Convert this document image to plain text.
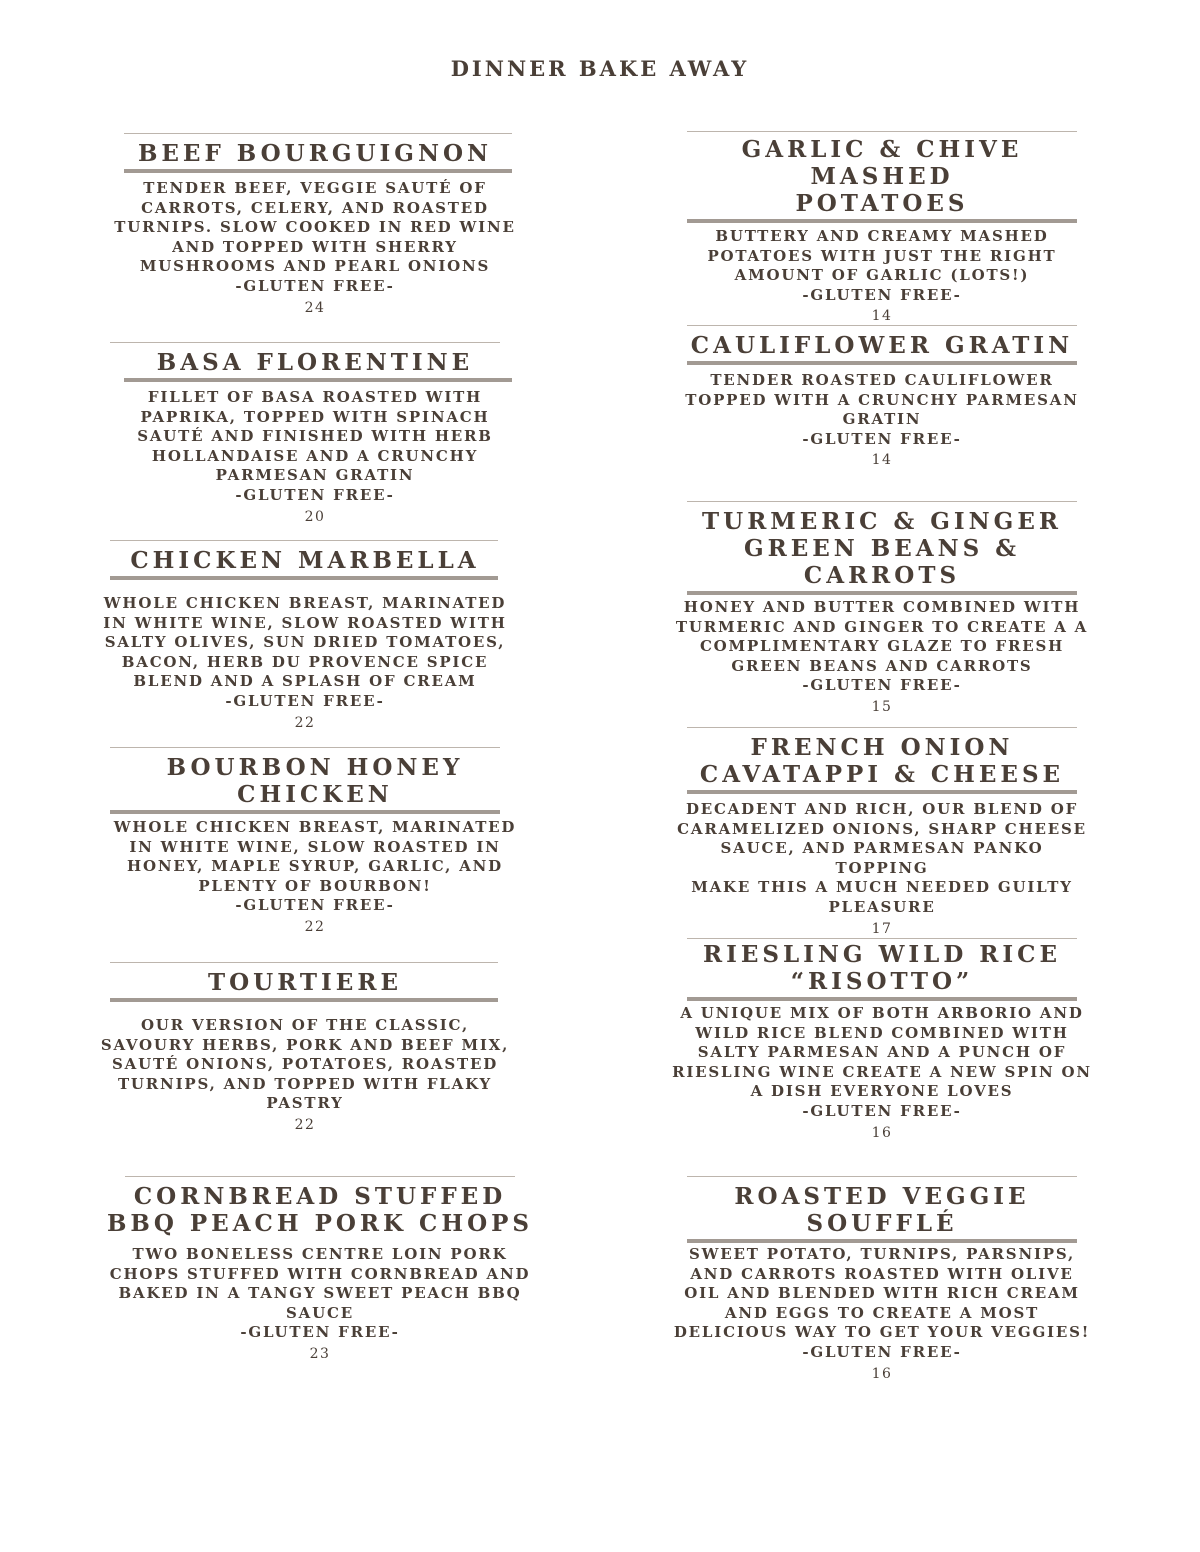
DINNER BAKE AWAY
BEEF BOURGUIGNON
TENDER BEEF, VEGGIE SAUTÉ OF
CARROTS, CELERY, AND ROASTED
TURNIPS. SLOW COOKED IN RED WINE
AND TOPPED WITH SHERRY
MUSHROOMS AND PEARL ONIONS
-GLUTEN FREE-
24
BASA FLORENTINE
FILLET OF BASA ROASTED WITH
PAPRIKA, TOPPED WITH SPINACH
SAUTÉ AND FINISHED WITH HERB
HOLLANDAISE AND A CRUNCHY
PARMESAN GRATIN
-GLUTEN FREE-
20
CHICKEN MARBELLA
WHOLE CHICKEN BREAST, MARINATED
IN WHITE WINE, SLOW ROASTED WITH
SALTY OLIVES, SUN DRIED TOMATOES,
BACON, HERB DU PROVENCE SPICE
BLEND AND A SPLASH OF CREAM
-GLUTEN FREE-
22
BOURBON HONEY
CHICKEN
WHOLE CHICKEN BREAST, MARINATED
IN WHITE WINE, SLOW ROASTED IN
HONEY, MAPLE SYRUP, GARLIC, AND
PLENTY OF BOURBON!
-GLUTEN FREE-
22
TOURTIERE
OUR VERSION OF THE CLASSIC,
SAVOURY HERBS, PORK AND BEEF MIX,
SAUTÉ ONIONS, POTATOES, ROASTED
TURNIPS, AND TOPPED WITH FLAKY
PASTRY
22
CORNBREAD STUFFED
BBQ PEACH PORK CHOPS
TWO BONELESS CENTRE LOIN PORK
CHOPS STUFFED WITH CORNBREAD AND
BAKED IN A TANGY SWEET PEACH BBQ
SAUCE
-GLUTEN FREE-
23
GARLIC & CHIVE MASHED
POTATOES
BUTTERY AND CREAMY MASHED
POTATOES WITH JUST THE RIGHT
AMOUNT OF GARLIC (LOTS!)
-GLUTEN FREE-
14
CAULIFLOWER GRATIN
TENDER ROASTED CAULIFLOWER
TOPPED WITH A CRUNCHY PARMESAN
GRATIN
-GLUTEN FREE-
14
TURMERIC & GINGER
GREEN BEANS & CARROTS
HONEY AND BUTTER COMBINED WITH
TURMERIC AND GINGER TO CREATE A A
COMPLIMENTARY GLAZE TO FRESH
GREEN BEANS AND CARROTS
-GLUTEN FREE-
15
FRENCH ONION
CAVATAPPI & CHEESE
DECADENT AND RICH, OUR BLEND OF
CARAMELIZED ONIONS, SHARP CHEESE
SAUCE, AND PARMESAN PANKO TOPPING
MAKE THIS A MUCH NEEDED GUILTY
PLEASURE
17
RIESLING WILD RICE
“RISOTTO”
A UNIQUE MIX OF BOTH ARBORIO AND
WILD RICE BLEND COMBINED WITH
SALTY PARMESAN AND A PUNCH OF
RIESLING WINE CREATE A NEW SPIN ON
A DISH EVERYONE LOVES
-GLUTEN FREE-
16
ROASTED VEGGIE
SOUFFLÉ
SWEET POTATO, TURNIPS, PARSNIPS,
AND CARROTS ROASTED WITH OLIVE
OIL AND BLENDED WITH RICH CREAM
AND EGGS TO CREATE A MOST
DELICIOUS WAY TO GET YOUR VEGGIES!
-GLUTEN FREE-
16
